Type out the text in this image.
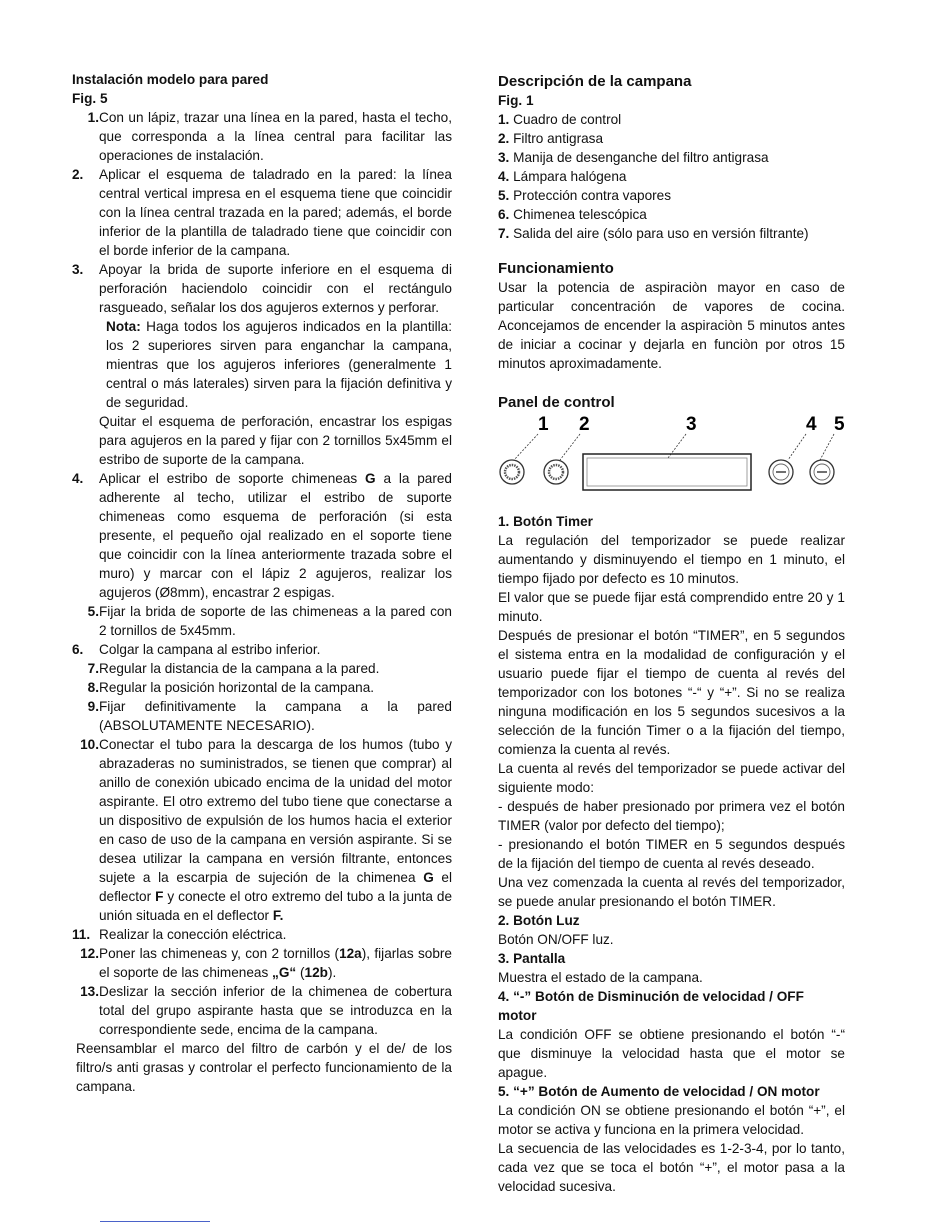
Instalación modelo para pared
Fig. 5
1. Con un lápiz, trazar una línea en la pared, hasta el techo, que corresponda a la línea central para facilitar las operaciones de instalación.
2.	Aplicar el esquema de taladrado en la pared: la línea central vertical impresa en el esquema tiene que coincidir con la línea central trazada en la pared; además, el borde inferior de la plantilla de taladrado tiene que coincidir con el borde inferior de la campana.
3.	Apoyar la brida de suporte inferiore en el esquema di perforación haciendolo coincidir con el rectángulo rasgueado, señalar los dos agujeros externos y perforar.
Nota: Haga todos los agujeros indicados en la plantilla: los 2 superiores sirven para enganchar la campana, mientras que los agujeros inferiores (generalmente 1 central o más laterales) sirven para la fijación definitiva y de seguridad.
Quitar el esquema de perforación, encastrar los espigas para agujeros en la pared y fijar con 2 tornillos 5x45mm el estribo de suporte de la campana.
4.	Aplicar el estribo de soporte chimeneas G a la pared adherente al techo, utilizar el estribo de suporte chimeneas como esquema de perforación (si esta presente, el pequeño ojal realizado en el soporte tiene que coincidir con la línea anteriormente trazada sobre el muro) y marcar con el lápiz 2 agujeros, realizar los agujeros (Ø8mm), encastrar 2 espigas.
5. Fijar la brida de soporte de las chimeneas a la pared con 2 tornillos de 5x45mm.
6.	Colgar la campana al estribo inferior.
7. Regular la distancia de la campana a la pared.
8. Regular la posición horizontal de la campana.
9. Fijar definitivamente la campana a la pared (ABSOLUTAMENTE NECESARIO).
10. Conectar el tubo para la descarga de los humos (tubo y abrazaderas no suministrados, se tienen que comprar) al anillo de conexión ubicado encima de la unidad del motor aspirante. El otro extremo del tubo tiene que conectarse a un dispositivo de expulsión de los humos hacia el exterior en caso de uso de la campana en versión aspirante. Si se desea utilizar la campana en versión filtrante, entonces sujete a la escarpia de sujeción de la chimenea G el deflector F y conecte el otro extremo del tubo a la junta de unión situada en el deflector F.
11. Realizar la conección eléctrica.
12. Poner las chimeneas y, con 2 tornillos (12a), fijarlas sobre el soporte de las chimeneas „G“ (12b).
13. Deslizar la sección inferior de la chimenea de cobertura total del grupo aspirante hasta que se introduzca en la correspondiente sede, encima de la campana.
Reensamblar el marco del filtro de carbón y el de/ de los filtro/s anti grasas y controlar el perfecto funcionamiento de la campana.
Descripción de la campana
Fig. 1
1. Cuadro de control
2. Filtro antigrasa
3. Manija de desenganche del filtro antigrasa
4. Lámpara halógena
5. Protección contra vapores
6. Chimenea telescópica
7. Salida del aire (sólo para uso en versión filtrante)
Funcionamiento
Usar la potencia de aspiraciòn mayor en caso de particular concentración de vapores de cocina. Aconcejamos de encender la aspiraciòn 5 minutos antes de iniciar a cocinar y dejarla en funciòn por otros 15 minutos aproximadamente.
Panel de control
1 2	3	4 5
1. Botón Timer
La regulación del temporizador se puede realizar aumentando y disminuyendo el tiempo en 1 minuto, el tiempo fijado por defecto es 10 minutos.
El valor que se puede fijar está comprendido entre 20 y 1 minuto.
Después de presionar el botón “TIMER”, en 5 segundos el sistema entra en la modalidad de configuración y el usuario puede fijar el tiempo de cuenta al revés del temporizador con los botones “-“ y “+”. Si no se realiza ninguna modificación en los 5 segundos sucesivos a la selección de la función Timer o a la fijación del tiempo, comienza la cuenta al revés.
La cuenta al revés del temporizador se puede activar del siguiente modo:
- después de haber presionado por primera vez el botón TIMER (valor por defecto del tiempo);
- presionando el botón TIMER en 5 segundos después de la fijación del tiempo de cuenta al revés deseado.
Una vez comenzada la cuenta al revés del temporizador, se puede anular presionando el botón TIMER.
2. Botón Luz
Botón ON/OFF luz.
3. Pantalla
Muestra el estado de la campana.
4. “-” Botón de Disminución de velocidad / OFF motor
La condición OFF se obtiene presionando el botón “-“ que disminuye la velocidad hasta que el motor se apague.
5. “+” Botón de Aumento de velocidad / ON motor
La condición ON se obtiene presionando el botón “+”, el motor se activa y funciona en la primera velocidad.
La secuencia de las velocidades es 1-2-3-4, por lo tanto, cada vez que se toca el botón “+”, el motor pasa a la velocidad sucesiva.
